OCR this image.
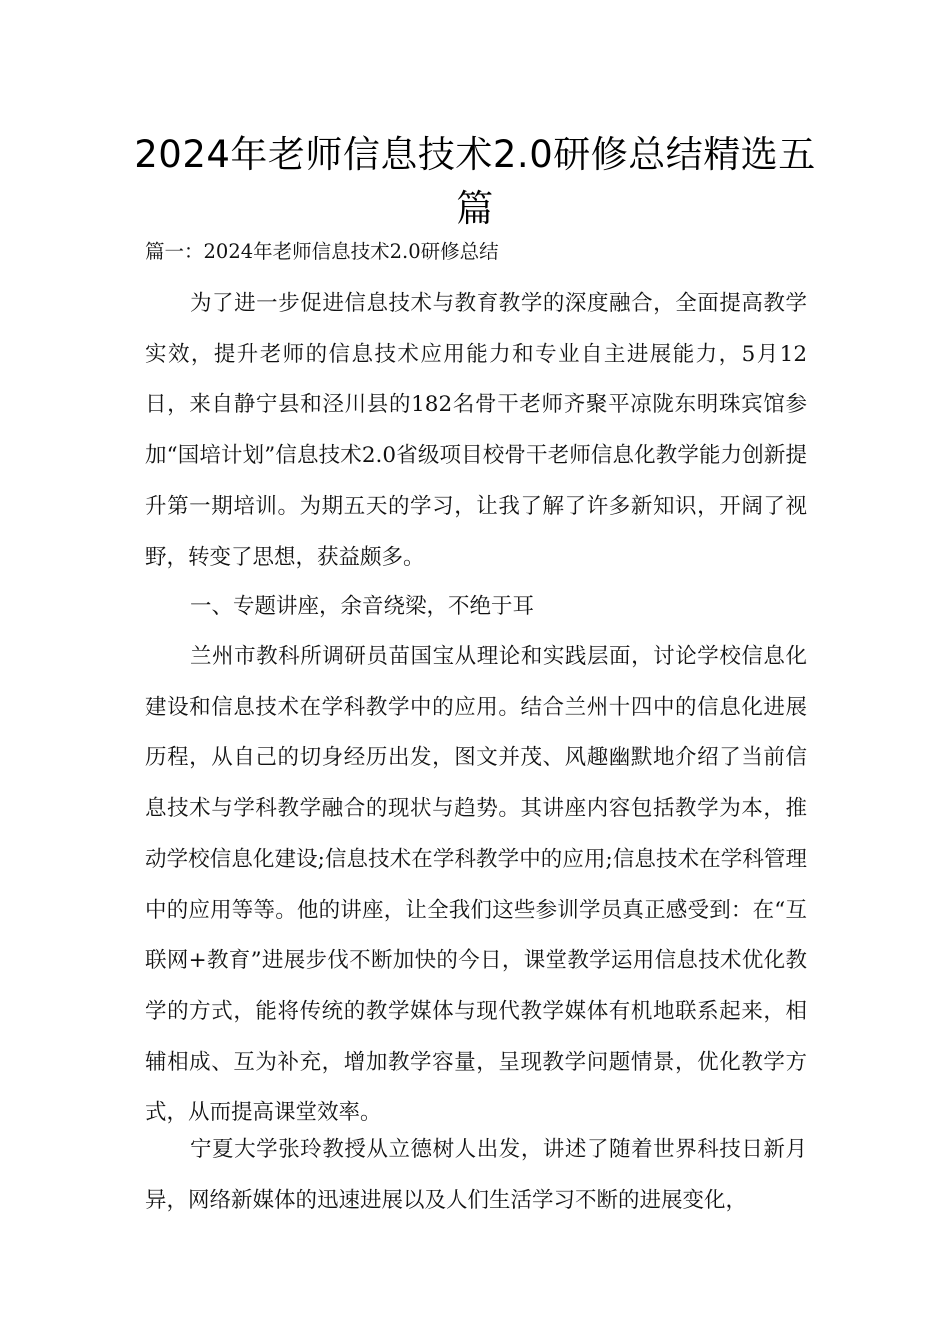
2024年老师信息技术2.0研修总结精选五篇

篇一：2024年老师信息技术2.0研修总结

为了进一步促进信息技术与教育教学的深度融合，全面提高教学实效，提升老师的信息技术应用能力和专业自主进展能力，5月12日，来自静宁县和泾川县的182名骨干老师齐聚平凉陇东明珠宾馆参加“国培计划”信息技术2.0省级项目校骨干老师信息化教学能力创新提升第一期培训。为期五天的学习，让我了解了许多新知识，开阔了视野，转变了思想，获益颇多。

一、专题讲座，余音绕梁，不绝于耳

兰州市教科所调研员苗国宝从理论和实践层面，讨论学校信息化建设和信息技术在学科教学中的应用。结合兰州十四中的信息化进展历程，从自己的切身经历出发，图文并茂、风趣幽默地介绍了当前信息技术与学科教学融合的现状与趋势。其讲座内容包括教学为本，推动学校信息化建设;信息技术在学科教学中的应用;信息技术在学科管理中的应用等等。他的讲座，让全我们这些参训学员真正感受到：在“互联网+教育”进展步伐不断加快的今日，课堂教学运用信息技术优化教学的方式，能将传统的教学媒体与现代教学媒体有机地联系起来，相辅相成、互为补充，增加教学容量，呈现教学问题情景，优化教学方式，从而提高课堂效率。

宁夏大学张玲教授从立德树人出发，讲述了随着世界科技日新月异，网络新媒体的迅速进展以及人们生活学习不断的进展变化，
